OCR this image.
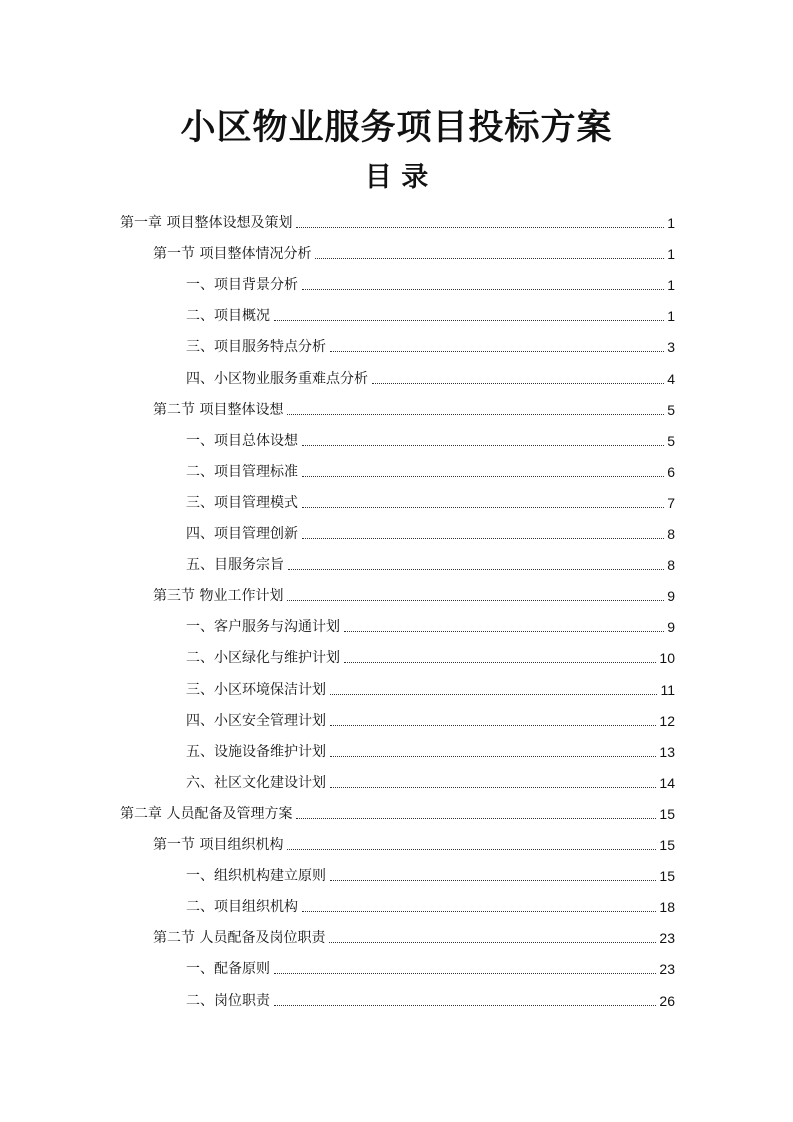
小区物业服务项目投标方案
目 录
第一章 项目整体设想及策划	1
第一节 项目整体情况分析	1
一、项目背景分析	1
二、项目概况	1
三、项目服务特点分析	3
四、小区物业服务重难点分析	4
第二节 项目整体设想	5
一、项目总体设想	5
二、项目管理标准	6
三、项目管理模式	7
四、项目管理创新	8
五、目服务宗旨	8
第三节 物业工作计划	9
一、客户服务与沟通计划	9
二、小区绿化与维护计划	10
三、小区环境保洁计划	11
四、小区安全管理计划	12
五、设施设备维护计划	13
六、社区文化建设计划	14
第二章 人员配备及管理方案	15
第一节 项目组织机构	15
一、组织机构建立原则	15
二、项目组织机构	18
第二节 人员配备及岗位职责	23
一、配备原则	23
二、岗位职责	26
